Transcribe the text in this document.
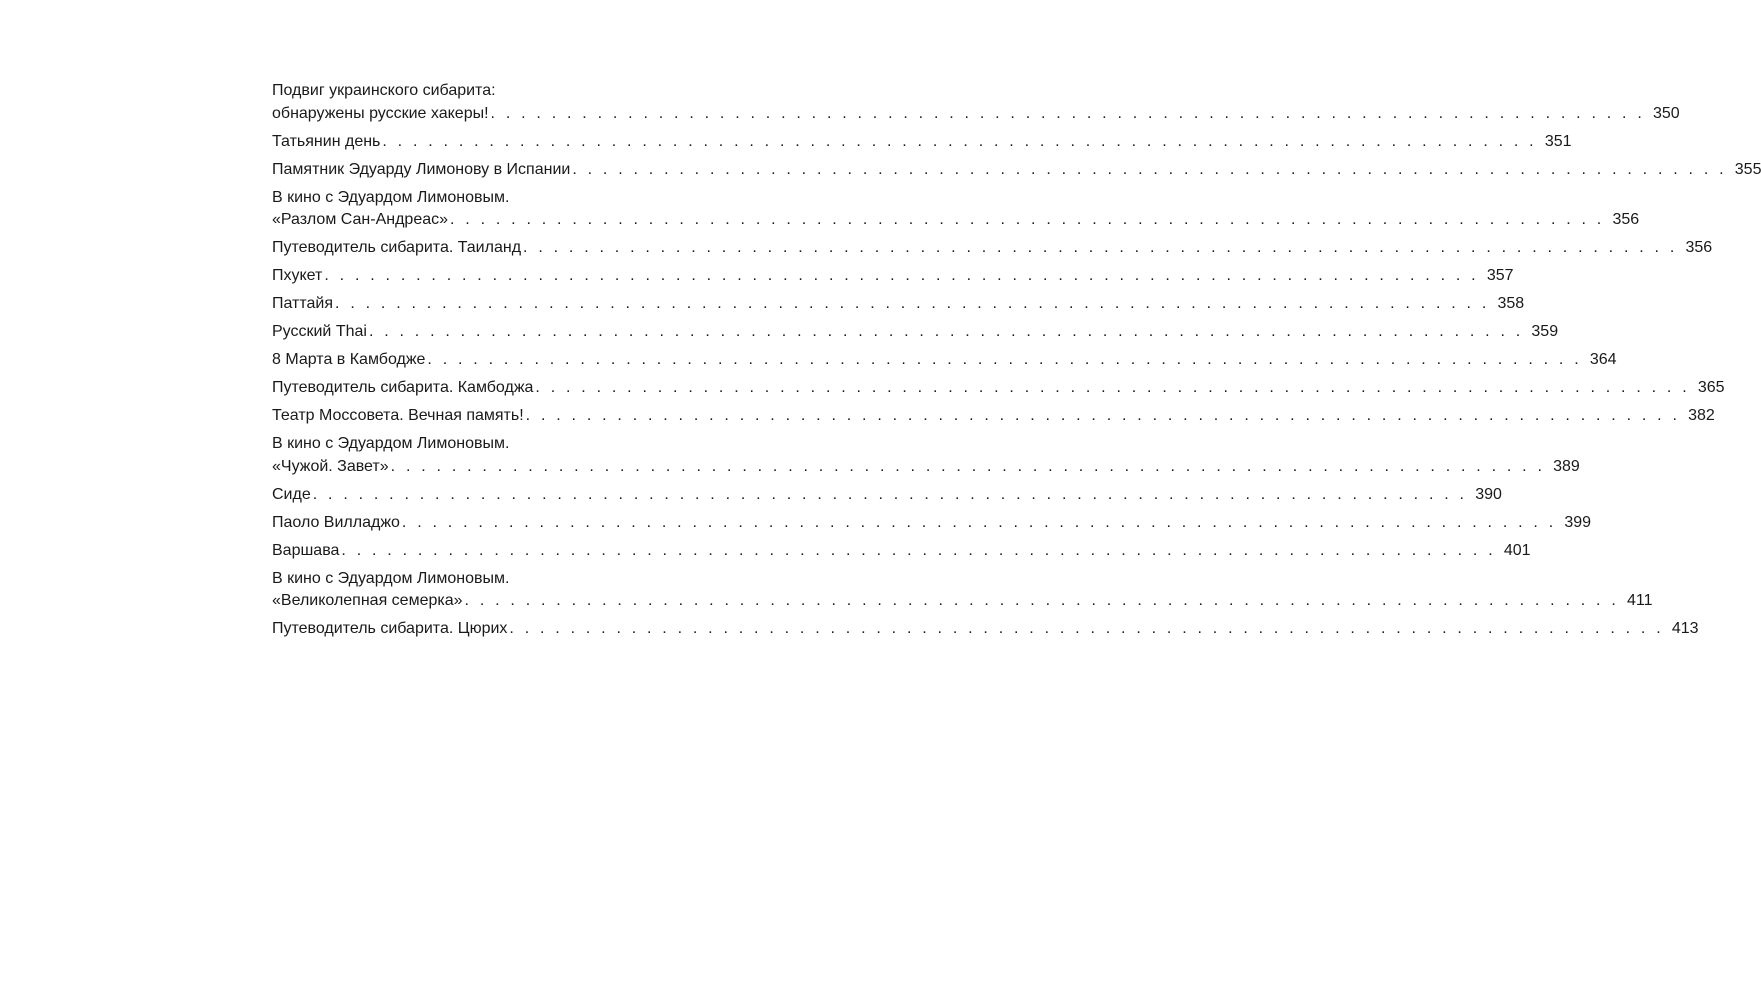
Подвиг украинского сибарита:
обнаружены русские хакеры! . . . . . . . . . . . . . . . . . . . . . . . . . . . . . . . . . . . . . . . . . . . . . . . . . . . . . . . . . . . . . . . . . . . . . . . . . . . . 350
Татьянин день . . . . . . . . . . . . . . . . . . . . . . . . . . . . . . . . . . . . . . . . . . . . . . . . . . . . . . . . . . . . . . . . . . . . . . . . . . . . 351
Памятник Эдуарду Лимонову в Испании . . . . . . . . . . . . . . . . . . . . . . . . . . . . . . . . . . . . . . . . . . . . . . . . . . . . . . . . . . . . . . . . . . . . . . . . . . . . 355
В кино с Эдуардом Лимоновым.
«Разлом Сан-Андреас» . . . . . . . . . . . . . . . . . . . . . . . . . . . . . . . . . . . . . . . . . . . . . . . . . . . . . . . . . . . . . . . . . . . . . . . . . . . . 356
Путеводитель сибарита. Таиланд . . . . . . . . . . . . . . . . . . . . . . . . . . . . . . . . . . . . . . . . . . . . . . . . . . . . . . . . . . . . . . . . . . . . . . . . . . . . 356
Пхукет . . . . . . . . . . . . . . . . . . . . . . . . . . . . . . . . . . . . . . . . . . . . . . . . . . . . . . . . . . . . . . . . . . . . . . . . . . . . 357
Паттайя . . . . . . . . . . . . . . . . . . . . . . . . . . . . . . . . . . . . . . . . . . . . . . . . . . . . . . . . . . . . . . . . . . . . . . . . . . . . 358
Русский Thai . . . . . . . . . . . . . . . . . . . . . . . . . . . . . . . . . . . . . . . . . . . . . . . . . . . . . . . . . . . . . . . . . . . . . . . . . . . . 359
8 Марта в Камбодже . . . . . . . . . . . . . . . . . . . . . . . . . . . . . . . . . . . . . . . . . . . . . . . . . . . . . . . . . . . . . . . . . . . . . . . . . . . . 364
Путеводитель сибарита. Камбоджа . . . . . . . . . . . . . . . . . . . . . . . . . . . . . . . . . . . . . . . . . . . . . . . . . . . . . . . . . . . . . . . . . . . . . . . . . . . . 365
Театр Моссовета. Вечная память! . . . . . . . . . . . . . . . . . . . . . . . . . . . . . . . . . . . . . . . . . . . . . . . . . . . . . . . . . . . . . . . . . . . . . . . . . . . . 382
В кино с Эдуардом Лимоновым.
«Чужой. Завет» . . . . . . . . . . . . . . . . . . . . . . . . . . . . . . . . . . . . . . . . . . . . . . . . . . . . . . . . . . . . . . . . . . . . . . . . . . . . 389
Сиде . . . . . . . . . . . . . . . . . . . . . . . . . . . . . . . . . . . . . . . . . . . . . . . . . . . . . . . . . . . . . . . . . . . . . . . . . . . . 390
Паоло Вилладжо . . . . . . . . . . . . . . . . . . . . . . . . . . . . . . . . . . . . . . . . . . . . . . . . . . . . . . . . . . . . . . . . . . . . . . . . . . . . 399
Варшава . . . . . . . . . . . . . . . . . . . . . . . . . . . . . . . . . . . . . . . . . . . . . . . . . . . . . . . . . . . . . . . . . . . . . . . . . . . . 401
В кино с Эдуардом Лимоновым.
«Великолепная семерка» . . . . . . . . . . . . . . . . . . . . . . . . . . . . . . . . . . . . . . . . . . . . . . . . . . . . . . . . . . . . . . . . . . . . . . . . . . . . 411
Путеводитель сибарита. Цюрих . . . . . . . . . . . . . . . . . . . . . . . . . . . . . . . . . . . . . . . . . . . . . . . . . . . . . . . . . . . . . . . . . . . . . . . . . . . . 413
